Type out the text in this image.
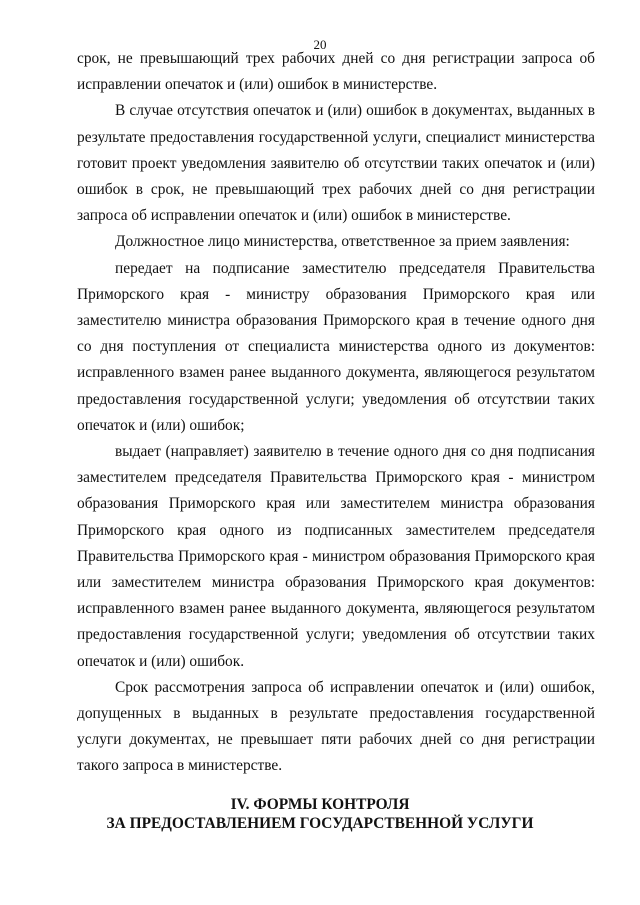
20

срок, не превышающий трех рабочих дней со дня регистрации запроса об исправлении опечаток и (или) ошибок в министерстве.

В случае отсутствия опечаток и (или) ошибок в документах, выданных в результате предоставления государственной услуги, специалист министерства готовит проект уведомления заявителю об отсутствии таких опечаток и (или) ошибок в срок, не превышающий трех рабочих дней со дня регистрации запроса об исправлении опечаток и (или) ошибок в министерстве.

Должностное лицо министерства, ответственное за прием заявления:

передает на подписание заместителю председателя Правительства Приморского края - министру образования Приморского края или заместителю министра образования Приморского края в течение одного дня со дня поступления от специалиста министерства одного из документов: исправленного взамен ранее выданного документа, являющегося результатом предоставления государственной услуги; уведомления об отсутствии таких опечаток и (или) ошибок;

выдает (направляет) заявителю в течение одного дня со дня подписания заместителем председателя Правительства Приморского края - министром образования Приморского края или заместителем министра образования Приморского края одного из подписанных заместителем председателя Правительства Приморского края - министром образования Приморского края или заместителем министра образования Приморского края документов: исправленного взамен ранее выданного документа, являющегося результатом предоставления государственной услуги; уведомления об отсутствии таких опечаток и (или) ошибок.

Срок рассмотрения запроса об исправлении опечаток и (или) ошибок, допущенных в выданных в результате предоставления государственной услуги документах, не превышает пяти рабочих дней со дня регистрации такого запроса в министерстве.

IV. ФОРМЫ КОНТРОЛЯ
ЗА ПРЕДОСТАВЛЕНИЕМ ГОСУДАРСТВЕННОЙ УСЛУГИ
